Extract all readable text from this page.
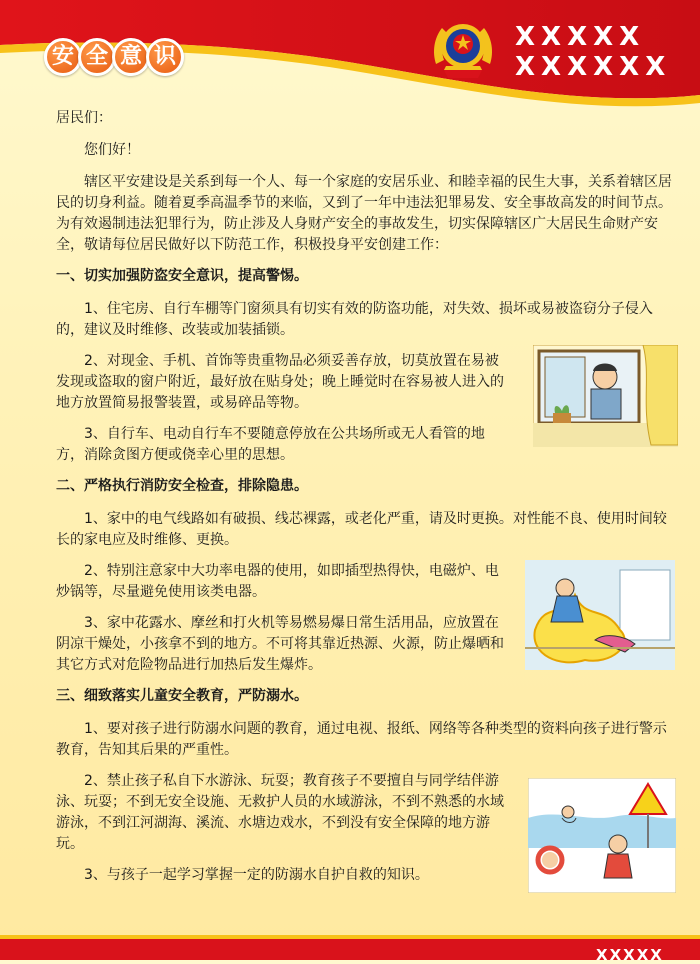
安 全 意 识
XXXXX
XXXXXX

居民们：

您们好！

辖区平安建设是关系到每一个人、每一个家庭的安居乐业、和睦幸福的民生大事，关系着辖区居民的切身利益。随着夏季高温季节的来临，又到了一年中违法犯罪易发、安全事故高发的时间节点。为有效遏制违法犯罪行为，防止涉及人身财产安全的事故发生，切实保障辖区广大居民生命财产安全，敬请每位居民做好以下防范工作，积极投身平安创建工作：

一、切实加强防盗安全意识，提高警惕。

1、住宅房、自行车棚等门窗须具有切实有效的防盗功能，对失效、损坏或易被盗窃分子侵入的，建议及时维修、改装或加装插锁。

2、对现金、手机、首饰等贵重物品必须妥善存放，切莫放置在易被发现或盗取的窗户附近，最好放在贴身处；晚上睡觉时在容易被人进入的地方放置简易报警装置，或易碎品等物。

3、自行车、电动自行车不要随意停放在公共场所或无人看管的地方，消除贪图方便或侥幸心里的思想。

二、严格执行消防安全检查，排除隐患。

1、家中的电气线路如有破损、线芯裸露，或老化严重，请及时更换。对性能不良、使用时间较长的家电应及时维修、更换。

2、特别注意家中大功率电器的使用，如即插型热得快，电磁炉、电炒锅等，尽量避免使用该类电器。

3、家中花露水、摩丝和打火机等易燃易爆日常生活用品，应放置在阴凉干燥处，小孩拿不到的地方。不可将其靠近热源、火源，防止爆晒和其它方式对危险物品进行加热后发生爆炸。

三、细致落实儿童安全教育，严防溺水。

1、要对孩子进行防溺水问题的教育，通过电视、报纸、网络等各种类型的资料向孩子进行警示教育，告知其后果的严重性。

2、禁止孩子私自下水游泳、玩耍；教育孩子不要擅自与同学结伴游泳、玩耍；不到无安全设施、无救护人员的水域游泳，不到不熟悉的水域游泳，不到江河湖海、溪流、水塘边戏水，不到没有安全保障的地方游玩。

3、与孩子一起学习掌握一定的防溺水自护自救的知识。

XXXXX
